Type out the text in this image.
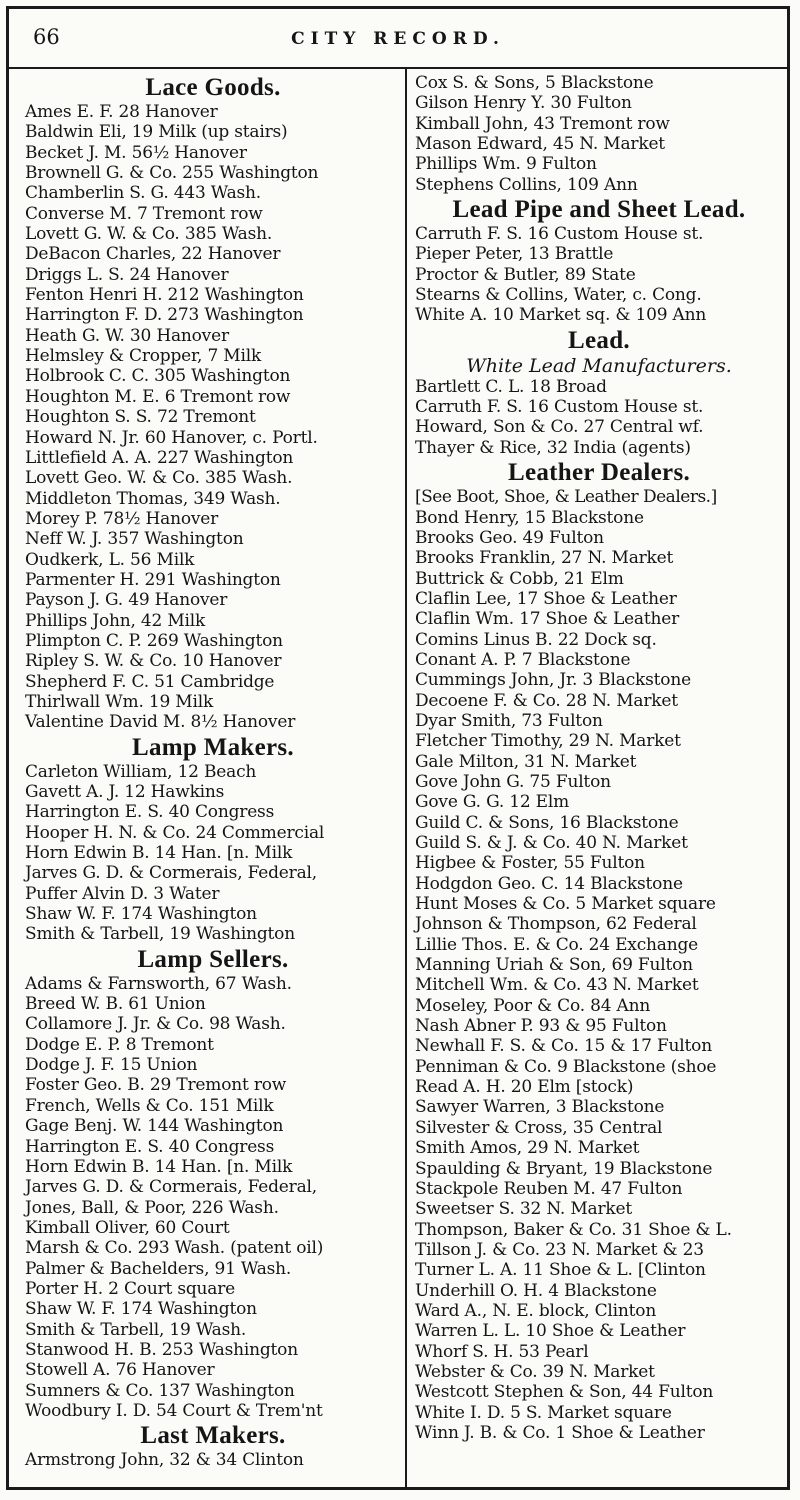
66	CITY RECORD.
Lace Goods.
Ames E. F. 28 Hanover
Baldwin Eli, 19 Milk (up stairs)
Becket J. M. 56½ Hanover
Brownell G. & Co. 255 Washington
Chamberlin S. G. 443 Wash.
Converse M. 7 Tremont row
Lovett G. W. & Co. 385 Wash.
DeBacon Charles, 22 Hanover
Driggs L. S. 24 Hanover
Fenton Henri H. 212 Washington
Harrington F. D. 273 Washington
Heath G. W. 30 Hanover
Helmsley & Cropper, 7 Milk
Holbrook C. C. 305 Washington
Houghton M. E. 6 Tremont row
Houghton S. S. 72 Tremont
Howard N. Jr. 60 Hanover, c. Portl.
Littlefield A. A. 227 Washington
Lovett Geo. W. & Co. 385 Wash.
Middleton Thomas, 349 Wash.
Morey P. 78½ Hanover
Neff W. J. 357 Washington
Oudkerk, L. 56 Milk
Parmenter H. 291 Washington
Payson J. G. 49 Hanover
Phillips John, 42 Milk
Plimpton C. P. 269 Washington
Ripley S. W. & Co. 10 Hanover
Shepherd F. C. 51 Cambridge
Thirlwall Wm. 19 Milk
Valentine David M. 8½ Hanover
Lamp Makers.
Carleton William, 12 Beach
Gavett A. J. 12 Hawkins
Harrington E. S. 40 Congress
Hooper H. N. & Co. 24 Commercial
Horn Edwin B. 14 Han. [n. Milk
Jarves G. D. & Cormerais, Federal,
Puffer Alvin D. 3 Water
Shaw W. F. 174 Washington
Smith & Tarbell, 19 Washington
Lamp Sellers.
Adams & Farnsworth, 67 Wash.
Breed W. B. 61 Union
Collamore J. Jr. & Co. 98 Wash.
Dodge E. P. 8 Tremont
Dodge J. F. 15 Union
Foster Geo. B. 29 Tremont row
French, Wells & Co. 151 Milk
Gage Benj. W. 144 Washington
Harrington E. S. 40 Congress
Horn Edwin B. 14 Han. [n. Milk
Jarves G. D. & Cormerais, Federal,
Jones, Ball, & Poor, 226 Wash.
Kimball Oliver, 60 Court
Marsh & Co. 293 Wash. (patent oil)
Palmer & Bachelders, 91 Wash.
Porter H. 2 Court square
Shaw W. F. 174 Washington
Smith & Tarbell, 19 Wash.
Stanwood H. B. 253 Washington
Stowell A. 76 Hanover
Sumners & Co. 137 Washington
Woodbury I. D. 54 Court & Trem'nt
Last Makers.
Armstrong John, 32 & 34 Clinton
Cox S. & Sons, 5 Blackstone
Gilson Henry Y. 30 Fulton
Kimball John, 43 Tremont row
Mason Edward, 45 N. Market
Phillips Wm. 9 Fulton
Stephens Collins, 109 Ann
Lead Pipe and Sheet Lead.
Carruth F. S. 16 Custom House st.
Pieper Peter, 13 Brattle
Proctor & Butler, 89 State
Stearns & Collins, Water, c. Cong.
White A. 10 Market sq. & 109 Ann
Lead.
White Lead Manufacturers.
Bartlett C. L. 18 Broad
Carruth F. S. 16 Custom House st.
Howard, Son & Co. 27 Central wf.
Thayer & Rice, 32 India (agents)
Leather Dealers.
[See Boot, Shoe, & Leather Dealers.]
Bond Henry, 15 Blackstone
Brooks Geo. 49 Fulton
Brooks Franklin, 27 N. Market
Buttrick & Cobb, 21 Elm
Claflin Lee, 17 Shoe & Leather
Claflin Wm. 17 Shoe & Leather
Comins Linus B. 22 Dock sq.
Conant A. P. 7 Blackstone
Cummings John, Jr. 3 Blackstone
Decoene F. & Co. 28 N. Market
Dyar Smith, 73 Fulton
Fletcher Timothy, 29 N. Market
Gale Milton, 31 N. Market
Gove John G. 75 Fulton
Gove G. G. 12 Elm
Guild C. & Sons, 16 Blackstone
Guild S. & J. & Co. 40 N. Market
Higbee & Foster, 55 Fulton
Hodgdon Geo. C. 14 Blackstone
Hunt Moses & Co. 5 Market square
Johnson & Thompson, 62 Federal
Lillie Thos. E. & Co. 24 Exchange
Manning Uriah & Son, 69 Fulton
Mitchell Wm. & Co. 43 N. Market
Moseley, Poor & Co. 84 Ann
Nash Abner P. 93 & 95 Fulton
Newhall F. S. & Co. 15 & 17 Fulton
Penniman & Co. 9 Blackstone (shoe
Read A. H. 20 Elm [stock)
Sawyer Warren, 3 Blackstone
Silvester & Cross, 35 Central
Smith Amos, 29 N. Market
Spaulding & Bryant, 19 Blackstone
Stackpole Reuben M. 47 Fulton
Sweetser S. 32 N. Market
Thompson, Baker & Co. 31 Shoe & L.
Tillson J. & Co. 23 N. Market & 23
Turner L. A. 11 Shoe & L. [Clinton
Underhill O. H. 4 Blackstone
Ward A., N. E. block, Clinton
Warren L. L. 10 Shoe & Leather
Whorf S. H. 53 Pearl
Webster & Co. 39 N. Market
Westcott Stephen & Son, 44 Fulton
White I. D. 5 S. Market square
Winn J. B. & Co. 1 Shoe & Leather
